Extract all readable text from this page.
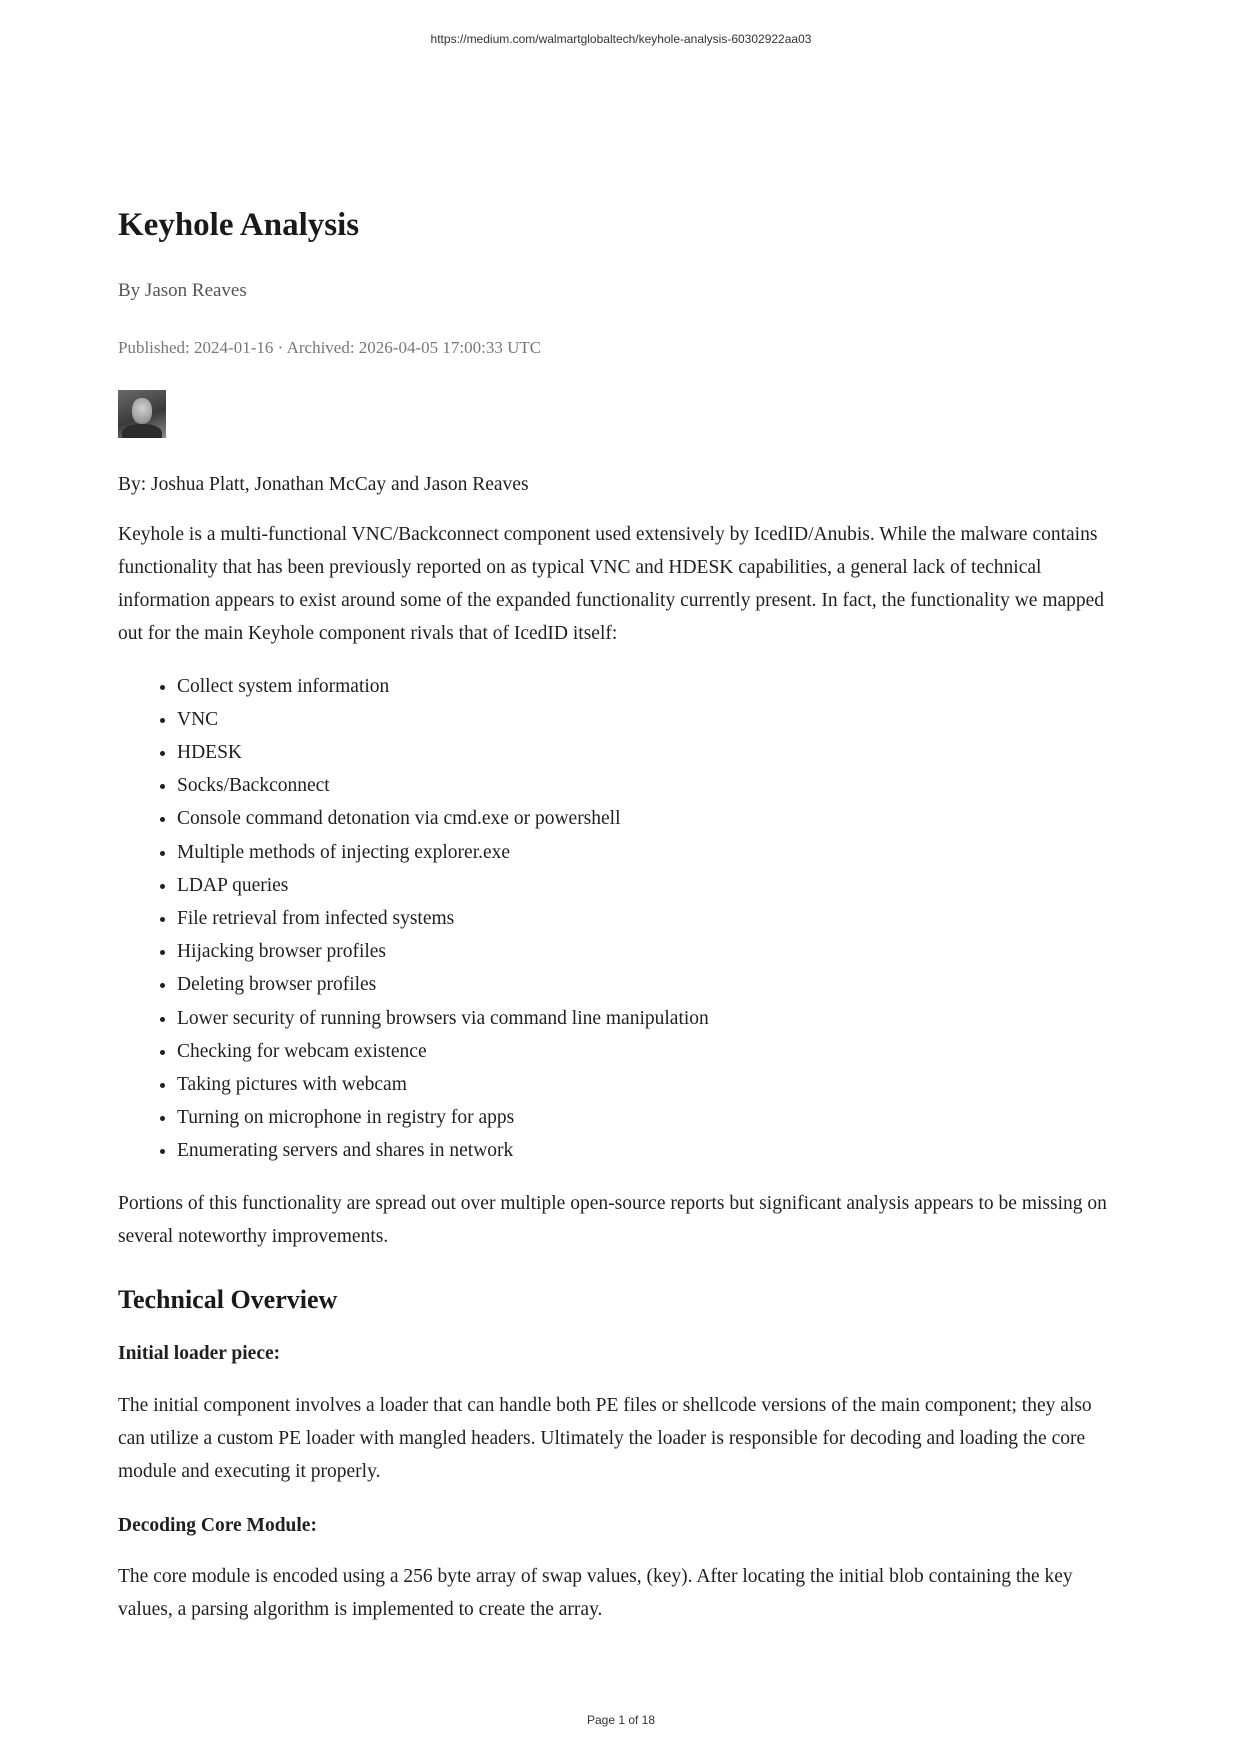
https://medium.com/walmartglobaltech/keyhole-analysis-60302922aa03
Keyhole Analysis

By Jason Reaves

Published: 2024-01-16 · Archived: 2026-04-05 17:00:33 UTC

By: Joshua Platt, Jonathan McCay and Jason Reaves

Keyhole is a multi-functional VNC/Backconnect component used extensively by IcedID/Anubis. While the malware contains functionality that has been previously reported on as typical VNC and HDESK capabilities, a general lack of technical information appears to exist around some of the expanded functionality currently present. In fact, the functionality we mapped out for the main Keyhole component rivals that of IcedID itself:

• Collect system information
• VNC
• HDESK
• Socks/Backconnect
• Console command detonation via cmd.exe or powershell
• Multiple methods of injecting explorer.exe
• LDAP queries
• File retrieval from infected systems
• Hijacking browser profiles
• Deleting browser profiles
• Lower security of running browsers via command line manipulation
• Checking for webcam existence
• Taking pictures with webcam
• Turning on microphone in registry for apps
• Enumerating servers and shares in network

Portions of this functionality are spread out over multiple open-source reports but significant analysis appears to be missing on several noteworthy improvements.

Technical Overview
Initial loader piece:

The initial component involves a loader that can handle both PE files or shellcode versions of the main component; they also can utilize a custom PE loader with mangled headers. Ultimately the loader is responsible for decoding and loading the core module and executing it properly.

Decoding Core Module:

The core module is encoded using a 256 byte array of swap values, (key). After locating the initial blob containing the key values, a parsing algorithm is implemented to create the array.

Page 1 of 18
